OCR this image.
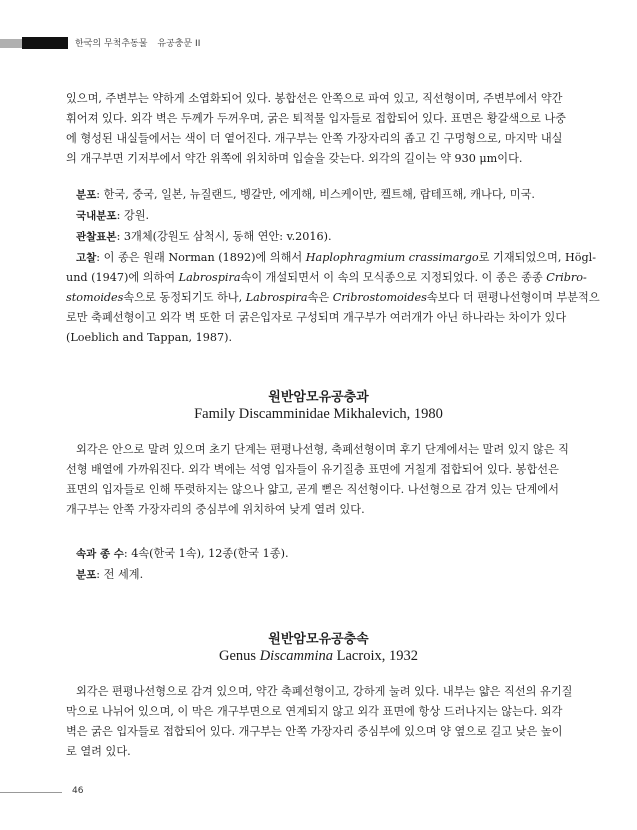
한국의 무척추동물 유공충문 II
있으며, 주변부는 약하게 소엽화되어 있다. 봉합선은 안쪽으로 파여 있고, 직선형이며, 주변부에서 약간
휘어져 있다. 외각 벽은 두께가 두꺼우며, 굵은 퇴적물 입자들로 접합되어 있다. 표면은 황갈색으로 나중
에 형성된 내실들에서는 색이 더 옅어진다. 개구부는 안쪽 가장자리의 좁고 긴 구멍형으로, 마지막 내실
의 개구부면 기저부에서 약간 위쪽에 위치하며 입술을 갖는다. 외각의 길이는 약 930 μm이다.
분포: 한국, 중국, 일본, 뉴질랜드, 벵갈만, 에게해, 비스케이만, 켈트해, 랍테프해, 캐나다, 미국.
국내분포: 강원.
관찰표본: 3개체(강원도 삼척시, 동해 연안: v.2016).
고찰: 이 종은 원래 Norman (1892)에 의해서 Haplophragmium crassimargo로 기재되었으며, Högl-
und (1947)에 의하여 Labrospira속이 개설되면서 이 속의 모식종으로 지정되었다. 이 종은 종종 Cribro-
stomoides속으로 동정되기도 하나, Labrospira속은 Cribrostomoides속보다 더 편평나선형이며 부분적으
로만 축폐선형이고 외각 벽 또한 더 굵은입자로 구성되며 개구부가 여러개가 아닌 하나라는 차이가 있다
(Loeblich and Tappan, 1987).
원반암모유공충과
Family Discamminidae Mikhalevich, 1980
외각은 안으로 말려 있으며 초기 단계는 편평나선형, 축폐선형이며 후기 단계에서는 말려 있지 않은 직
선형 배열에 가까워진다. 외각 벽에는 석영 입자들이 유기질층 표면에 거칠게 접합되어 있다. 봉합선은
표면의 입자들로 인해 뚜렷하지는 않으나 얇고, 곧게 뻗은 직선형이다. 나선형으로 감겨 있는 단계에서
개구부는 안쪽 가장자리의 중심부에 위치하여 낮게 열려 있다.
속과 종 수: 4속(한국 1속), 12종(한국 1종).
분포: 전 세계.
원반암모유공충속
Genus Discammina Lacroix, 1932
외각은 편평나선형으로 감겨 있으며, 약간 축폐선형이고, 강하게 눌려 있다. 내부는 얇은 직선의 유기질
막으로 나뉘어 있으며, 이 막은 개구부면으로 연계되지 않고 외각 표면에 항상 드러나지는 않는다. 외각
벽은 굵은 입자들로 접합되어 있다. 개구부는 안쪽 가장자리 중심부에 있으며 양 옆으로 길고 낮은 높이
로 열려 있다.
46
